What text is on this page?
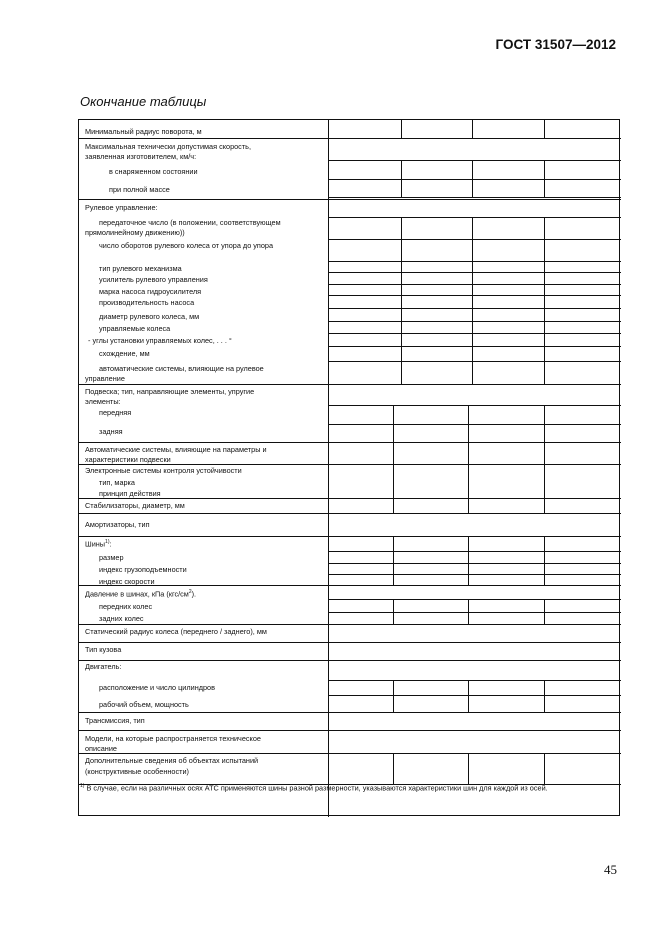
ГОСТ 31507—2012
Окончание таблицы
Минимальный радиус поворота, м
Максимальная технически допустимая скорость,
заявленная изготовителем, км/ч:
в снаряженном состоянии
при полной массе
Рулевое управление:
передаточное число (в положении, соответствующем
прямолинейному движению))
число оборотов рулевого колеса от упора до упора
тип рулевого механизма
усилитель рулевого управления
марка насоса гидроусилителя
производительность насоса
диаметр рулевого колеса, мм
управляемые колеса
- углы установки управляемых колес, . . . °
схождение, мм
автоматические системы, влияющие на рулевое
управление
Подвеска; тип, направляющие элементы, упругие
элементы:
передняя
задняя
Автоматические системы, влияющие на параметры и
характеристики подвески
Электронные системы контроля устойчивости
тип, марка
принцип действия
Стабилизаторы, диаметр, мм
Амортизаторы, тип
размер
индекс грузоподъемности
индекс скорости
передних колес
задних колес
Статический радиус колеса (переднего / заднего), мм
Тип кузова
Двигатель:
расположение и число цилиндров
рабочий объем, мощность
Трансмиссия, тип
Модели, на которые распространяется техническое
описание
Дополнительные сведения об объектах испытаний
(конструктивные особенности)
Шины$^{1)}$:
Давление в шинах, кПа $(кгс/см^2)$.
$^{1)}$ В случае, если на различных осях АТС применяются шины разной размерности, указываются характеристики шин для каждой из осей.
45
